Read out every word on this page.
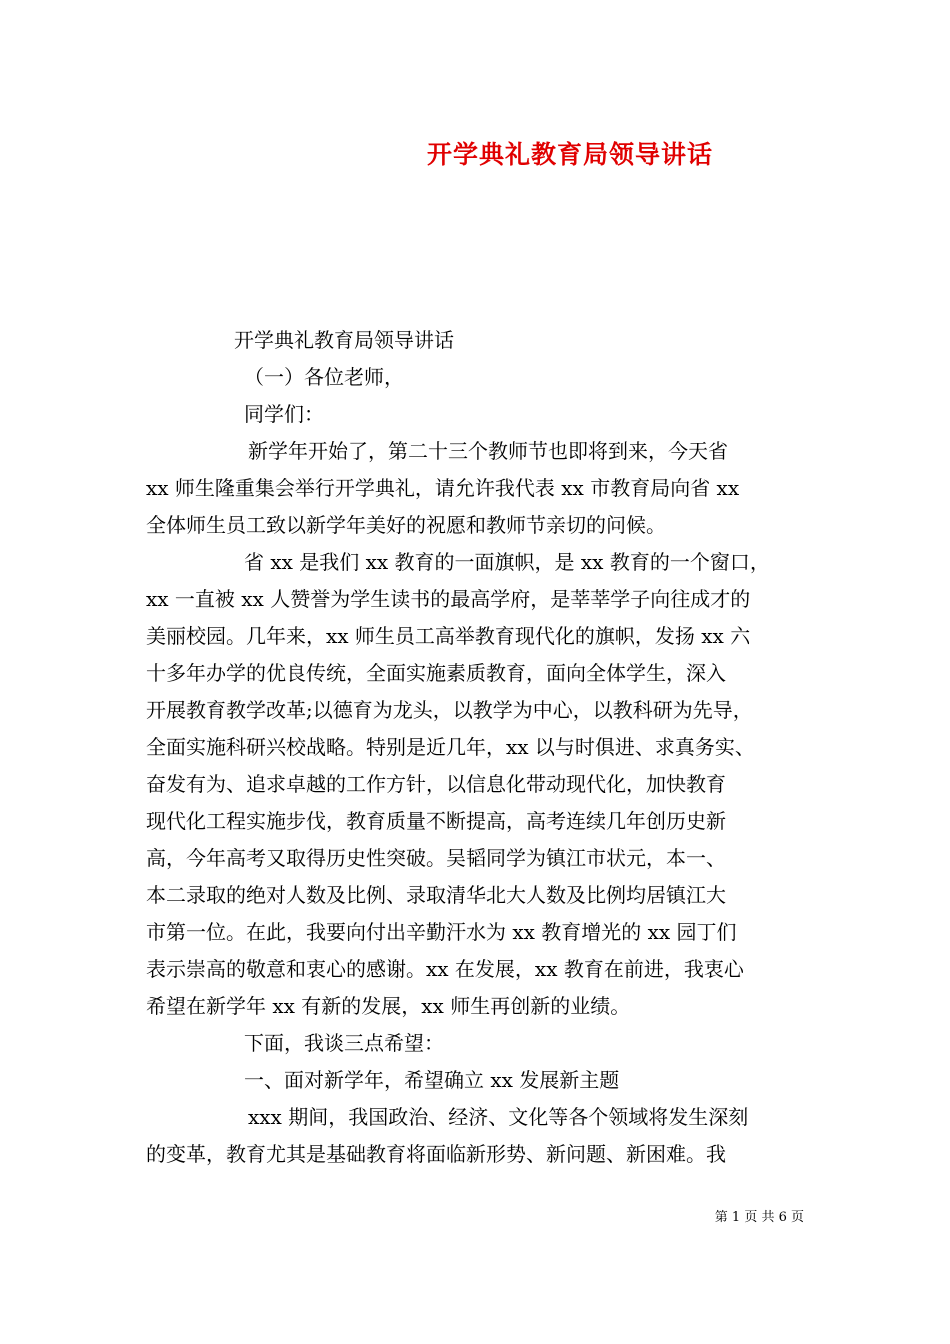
开学典礼教育局领导讲话
开学典礼教育局领导讲话
（一）各位老师，
同学们：
新学年开始了，第二十三个教师节也即将到来，今天省
xx 师生隆重集会举行开学典礼，请允许我代表 xx 市教育局向省 xx
全体师生员工致以新学年美好的祝愿和教师节亲切的问候。
省 xx 是我们 xx 教育的一面旗帜，是 xx 教育的一个窗口，
xx 一直被 xx 人赞誉为学生读书的最高学府，是莘莘学子向往成才的
美丽校园。几年来，xx 师生员工高举教育现代化的旗帜，发扬 xx 六
十多年办学的优良传统，全面实施素质教育，面向全体学生，深入
开展教育教学改革;以德育为龙头，以教学为中心，以教科研为先导，
全面实施科研兴校战略。特别是近几年，xx 以与时俱进、求真务实、
奋发有为、追求卓越的工作方针，以信息化带动现代化，加快教育
现代化工程实施步伐，教育质量不断提高，高考连续几年创历史新
高，今年高考又取得历史性突破。吴韬同学为镇江市状元，本一、
本二录取的绝对人数及比例、录取清华北大人数及比例均居镇江大
市第一位。在此，我要向付出辛勤汗水为 xx 教育增光的 xx 园丁们
表示崇高的敬意和衷心的感谢。xx 在发展，xx 教育在前进，我衷心
希望在新学年 xx 有新的发展，xx 师生再创新的业绩。
下面，我谈三点希望：
一、面对新学年，希望确立 xx 发展新主题
xxx 期间，我国政治、经济、文化等各个领域将发生深刻
的变革，教育尤其是基础教育将面临新形势、新问题、新困难。我
第 1 页 共 6 页
